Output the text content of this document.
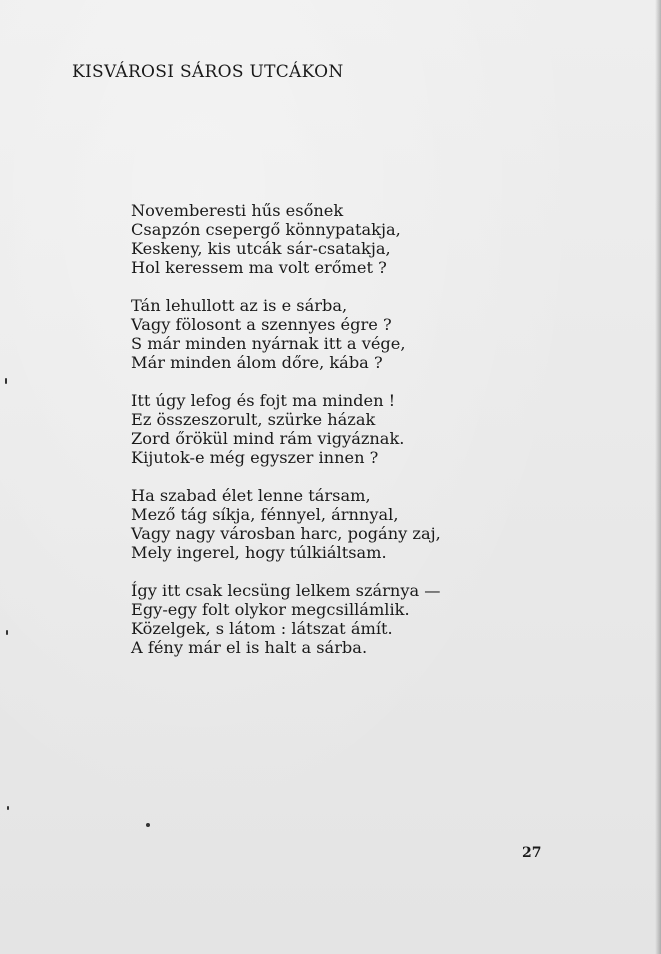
KISVÁROSI SÁROS UTCÁKON
Novemberesti hűs esőnek
Csapzón csepergő könnypatakja,
Keskeny, kis utcák sár-csatakja,
Hol keressem ma volt erőmet ?
Tán lehullott az is e sárba,
Vagy fölosont a szennyes égre ?
S már minden nyárnak itt a vége,
Már minden álom dőre, kába ?
Itt úgy lefog és fojt ma minden !
Ez összeszorult, szürke házak
Zord őrökül mind rám vigyáznak.
Kijutok-e még egyszer innen ?
Ha szabad élet lenne társam,
Mező tág síkja, fénnyel, árnnyal,
Vagy nagy városban harc, pogány zaj,
Mely ingerel, hogy túlkiáltsam.
Így itt csak lecsüng lelkem szárnya —
Egy-egy folt olykor megcsillámlik.
Közelgek, s látom : látszat ámít.
A fény már el is halt a sárba.
27
